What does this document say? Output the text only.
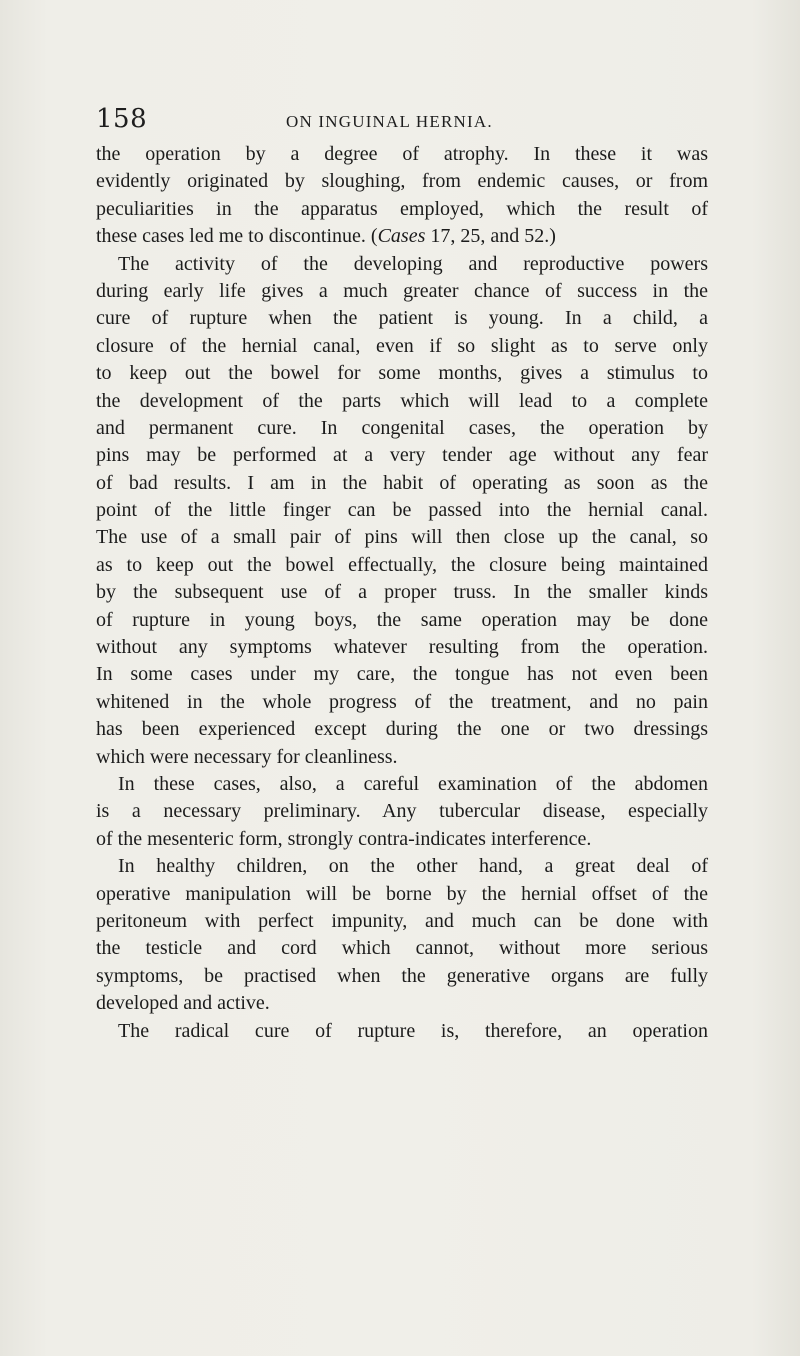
158	ON INGUINAL HERNIA.

the operation by a degree of atrophy. In these it was
evidently originated by sloughing, from endemic causes, or from
peculiarities in the apparatus employed, which the result of
these cases led me to discontinue. (Cases 17, 25, and 52.)

The activity of the developing and reproductive powers
during early life gives a much greater chance of success in the
cure of rupture when the patient is young. In a child, a
closure of the hernial canal, even if so slight as to serve only
to keep out the bowel for some months, gives a stimulus to
the development of the parts which will lead to a complete
and permanent cure. In congenital cases, the operation by
pins may be performed at a very tender age without any fear
of bad results. I am in the habit of operating as soon as the
point of the little finger can be passed into the hernial canal.
The use of a small pair of pins will then close up the canal, so
as to keep out the bowel effectually, the closure being maintained
by the subsequent use of a proper truss. In the smaller kinds
of rupture in young boys, the same operation may be done
without any symptoms whatever resulting from the operation.
In some cases under my care, the tongue has not even been
whitened in the whole progress of the treatment, and no pain
has been experienced except during the one or two dressings
which were necessary for cleanliness.

In these cases, also, a careful examination of the abdomen
is a necessary preliminary. Any tubercular disease, especially
of the mesenteric form, strongly contra-indicates interference.

In healthy children, on the other hand, a great deal of
operative manipulation will be borne by the hernial offset of the
peritoneum with perfect impunity, and much can be done with
the testicle and cord which cannot, without more serious
symptoms, be practised when the generative organs are fully
developed and active.

The radical cure of rupture is, therefore, an operation
